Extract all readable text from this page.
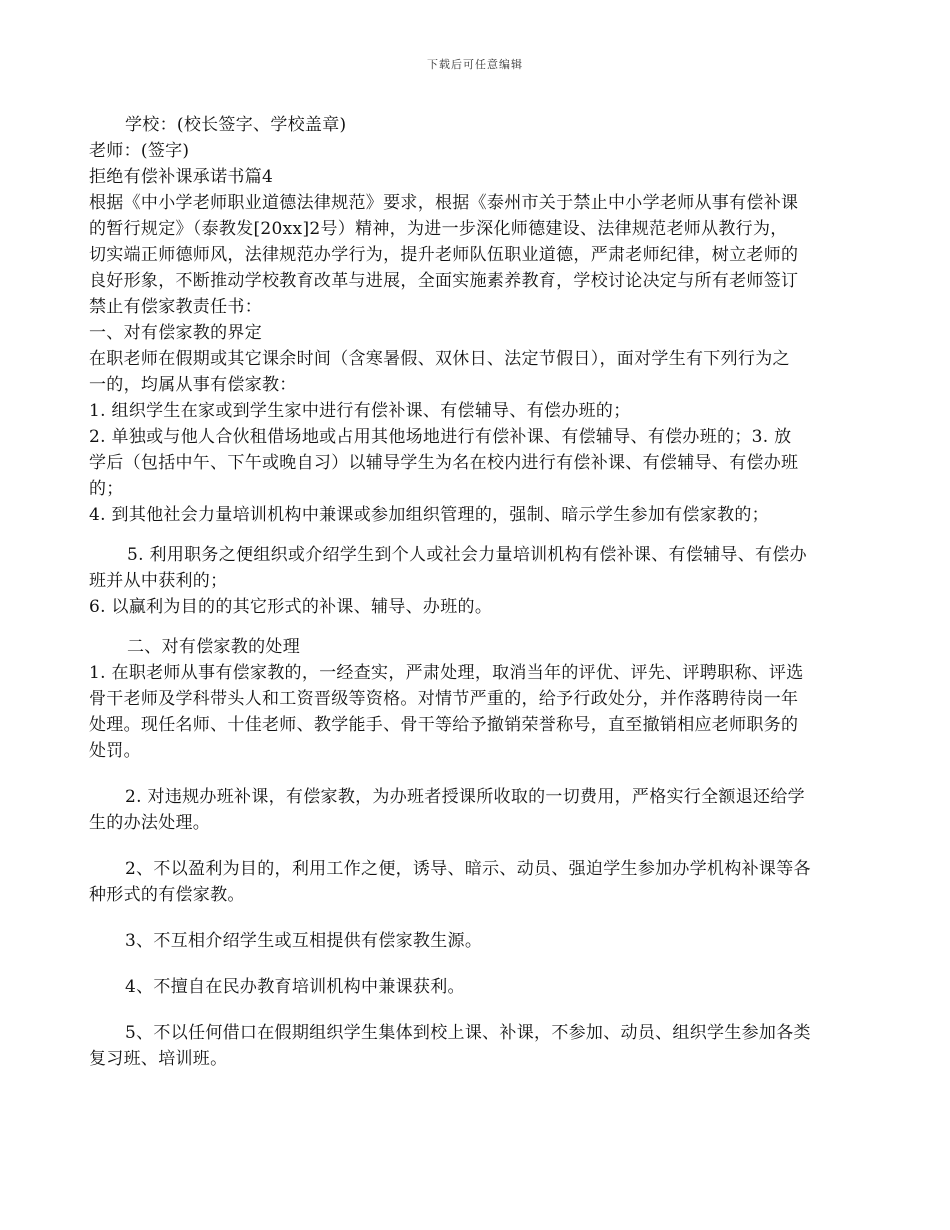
下载后可任意编辑
学校：(校长签字、学校盖章)
老师：(签字)
拒绝有偿补课承诺书篇4
根据《中小学老师职业道德法律规范》要求，根据《泰州市关于禁止中小学老师从事有偿补课
的暂行规定》（泰教发[20xx]2号）精神，为进一步深化师德建设、法律规范老师从教行为，
切实端正师德师风，法律规范办学行为，提升老师队伍职业道德，严肃老师纪律，树立老师的
良好形象，不断推动学校教育改革与进展，全面实施素养教育，学校讨论决定与所有老师签订
禁止有偿家教责任书：
一、对有偿家教的界定
在职老师在假期或其它课余时间（含寒暑假、双休日、法定节假日），面对学生有下列行为之
一的，均属从事有偿家教：
1. 组织学生在家或到学生家中进行有偿补课、有偿辅导、有偿办班的；
2. 单独或与他人合伙租借场地或占用其他场地进行有偿补课、有偿辅导、有偿办班的；3. 放
学后（包括中午、下午或晚自习）以辅导学生为名在校内进行有偿补课、有偿辅导、有偿办班
的；
4. 到其他社会力量培训机构中兼课或参加组织管理的，强制、暗示学生参加有偿家教的；
5. 利用职务之便组织或介绍学生到个人或社会力量培训机构有偿补课、有偿辅导、有偿办
班并从中获利的；
6. 以赢利为目的的其它形式的补课、辅导、办班的。
二、对有偿家教的处理
1. 在职老师从事有偿家教的，一经查实，严肃处理，取消当年的评优、评先、评聘职称、评选
骨干老师及学科带头人和工资晋级等资格。对情节严重的，给予行政处分，并作落聘待岗一年
处理。现任名师、十佳老师、教学能手、骨干等给予撤销荣誉称号，直至撤销相应老师职务的
处罚。
2. 对违规办班补课，有偿家教，为办班者授课所收取的一切费用，严格实行全额退还给学
生的办法处理。
2、不以盈利为目的，利用工作之便，诱导、暗示、动员、强迫学生参加办学机构补课等各
种形式的有偿家教。
3、不互相介绍学生或互相提供有偿家教生源。
4、不擅自在民办教育培训机构中兼课获利。
5、不以任何借口在假期组织学生集体到校上课、补课，不参加、动员、组织学生参加各类
复习班、培训班。
